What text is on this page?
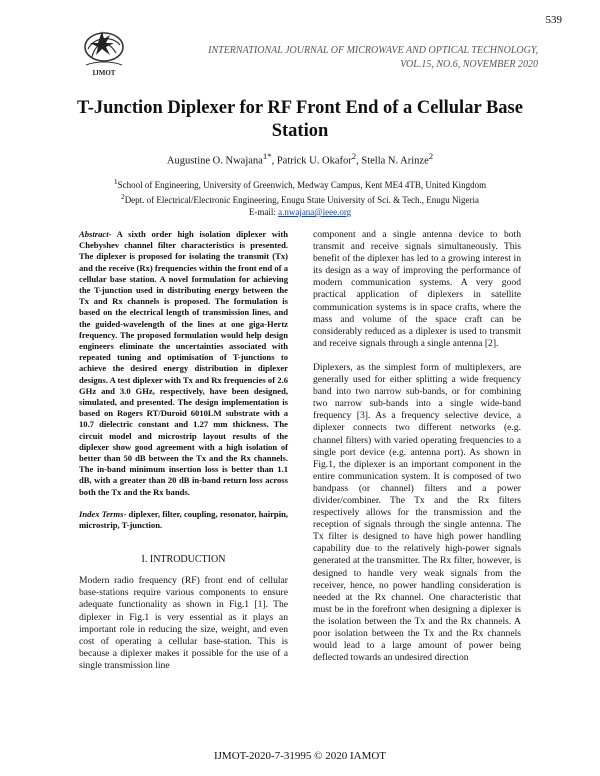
539
IJMOT
INTERNATIONAL JOURNAL OF MICROWAVE AND OPTICAL TECHNOLOGY,
VOL.15, NO.6, NOVEMBER 2020
T-Junction Diplexer for RF Front End of a Cellular Base Station
Augustine O. Nwajana$^{1*}$, Patrick U. Okafor$^2$, Stella N. Arinze$^2$
$^1$School of Engineering, University of Greenwich, Medway Campus, Kent ME4 4TB, United Kingdom
$^2$Dept. of Electrical/Electronic Engineering, Enugu State University of Sci. & Tech., Enugu Nigeria
E-mail: a.nwajana@ieee.org

Abstract- A sixth order high isolation diplexer with Chebyshev channel filter characteristics is presented. The diplexer is proposed for isolating the transmit (Tx) and the receive (Rx) frequencies within the front end of a cellular base station. A novel formulation for achieving the T-junction used in distributing energy between the Tx and Rx channels is proposed. The formulation is based on the electrical length of transmission lines, and the guided-wavelength of the lines at one giga-Hertz frequency. The proposed formulation would help design engineers eliminate the uncertainties associated with repeated tuning and optimisation of T-junctions to achieve the desired energy distribution in diplexer designs. A test diplexer with Tx and Rx frequencies of 2.6 GHz and 3.0 GHz, respectively, have been designed, simulated, and presented. The design implementation is based on Rogers RT/Duroid 6010LM substrate with a 10.7 dielectric constant and 1.27 mm thickness. The circuit model and microstrip layout results of the diplexer show good agreement with a high isolation of better than 50 dB between the Tx and the Rx channels. The in-band minimum insertion loss is better than 1.1 dB, with a greater than 20 dB in-band return loss across both the Tx and the Rx bands.

Index Terms- diplexer, filter, coupling, resonator, hairpin, microstrip, T-junction.

I. INTRODUCTION

Modern radio frequency (RF) front end of cellular base-stations require various components to ensure adequate functionality as shown in Fig.1 [1]. The diplexer in Fig.1 is very essential as it plays an important role in reducing the size, weight, and even cost of operating a cellular base-station. This is because a diplexer makes it possible for the use of a single transmission line

component and a single antenna device to both transmit and receive signals simultaneously. This benefit of the diplexer has led to a growing interest in its design as a way of improving the performance of modern communication systems. A very good practical application of diplexers in satellite communication systems is in space crafts, where the mass and volume of the space craft can be considerably reduced as a diplexer is used to transmit and receive signals through a single antenna [2].

Diplexers, as the simplest form of multiplexers, are generally used for either splitting a wide frequency band into two narrow sub-bands, or for combining two narrow sub-bands into a single wide-band frequency [3]. As a frequency selective device, a diplexer connects two different networks (e.g. channel filters) with varied operating frequencies to a single port device (e.g. antenna port). As shown in Fig.1, the diplexer is an important component in the entire communication system. It is composed of two bandpass (or channel) filters and a power divider/combiner. The Tx and the Rx filters respectively allows for the transmission and the reception of signals through the single antenna. The Tx filter is designed to have high power handling capability due to the relatively high-power signals generated at the transmitter. The Rx filter, however, is designed to handle very weak signals from the receiver, hence, no power handling consideration is needed at the Rx channel. One characteristic that must be in the forefront when designing a diplexer is the isolation between the Tx and the Rx channels. A poor isolation between the Tx and the Rx channels would lead to a large amount of power being deflected towards an undesired direction

IJMOT-2020-7-31995 © 2020 IAMOT
